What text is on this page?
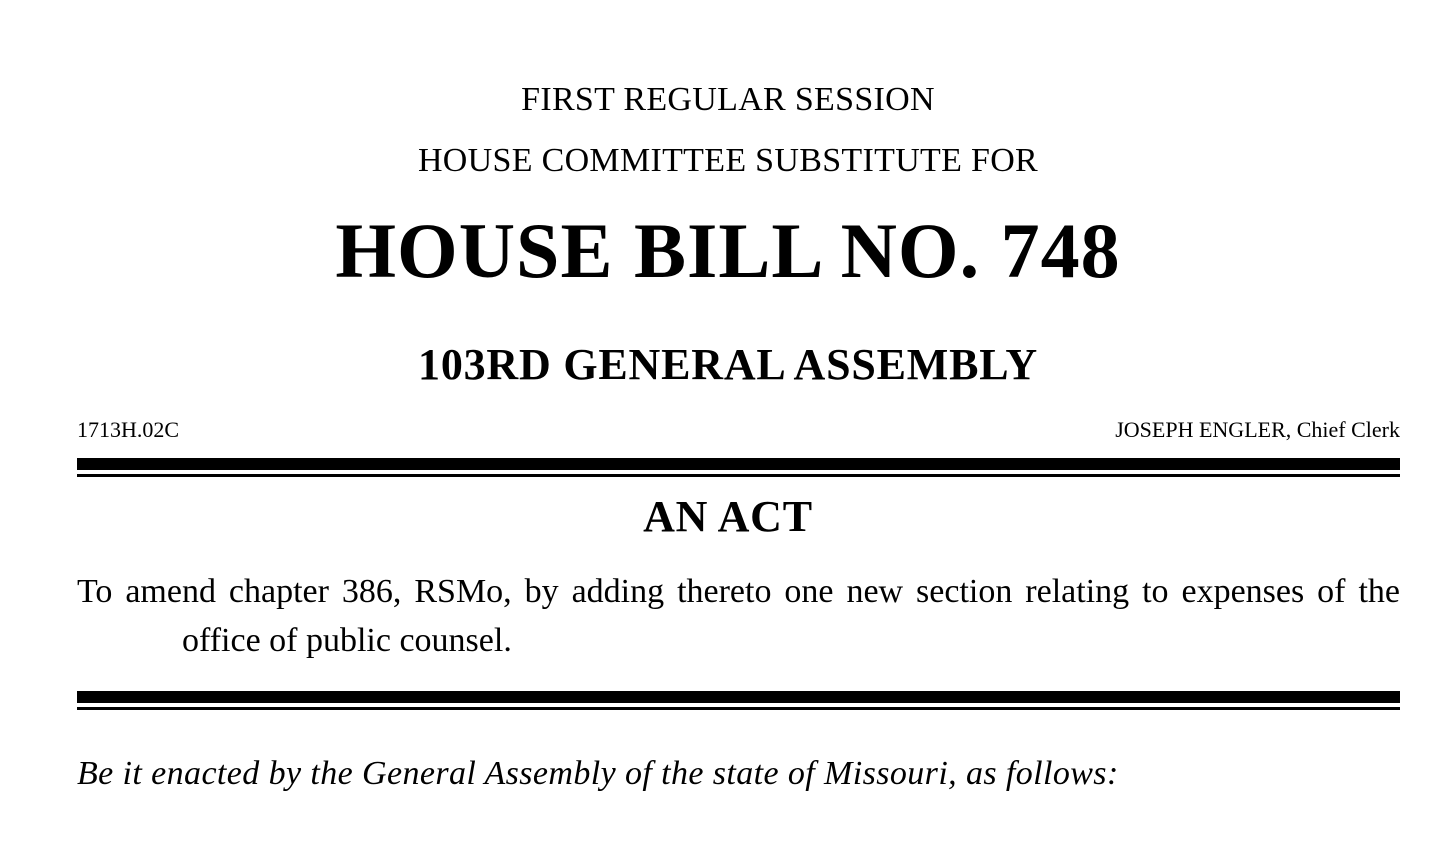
FIRST REGULAR SESSION
HOUSE COMMITTEE SUBSTITUTE FOR
HOUSE BILL NO. 748
103RD GENERAL ASSEMBLY
1713H.02C	JOSEPH ENGLER, Chief Clerk
AN ACT
To amend chapter 386, RSMo, by adding thereto one new section relating to expenses of the
office of public counsel.
Be it enacted by the General Assembly of the state of Missouri, as follows:
